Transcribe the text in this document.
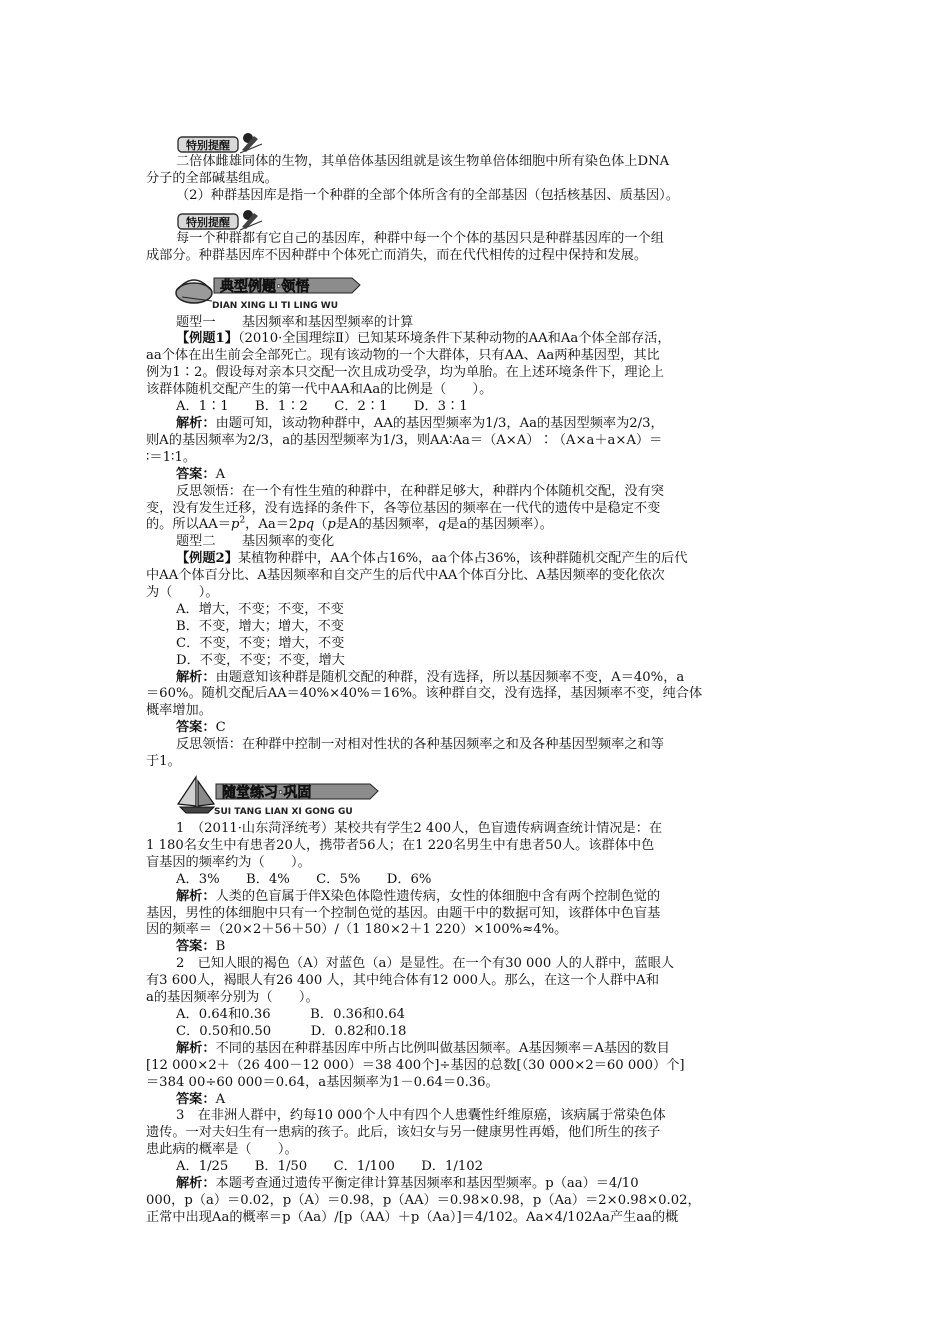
特别提醒

二倍体雌雄同体的生物，其单倍体基因组就是该生物单倍体细胞中所有染色体上DNA

分子的全部碱基组成。

（2）种群基因库是指一个种群的全部个体所含有的全部基因（包括核基因、质基因）。

特别提醒

每一个种群都有它自己的基因库，种群中每一个个体的基因只是种群基因库的一个组

成部分。种群基因库不因种群中个体死亡而消失，而在代代相传的过程中保持和发展。

典型例题·领悟
DIAN XING LI TI LING WU

题型一　　基因频率和基因型频率的计算

【例题1】（2010·全国理综Ⅱ）已知某环境条件下某种动物的AA和Aa个体全部存活，

aa个体在出生前会全部死亡。现有该动物的一个大群体，只有AA、Aa两种基因型，其比

例为1∶2。假设每对亲本只交配一次且成功受孕，均为单胎。在上述环境条件下，理论上

该群体随机交配产生的第一代中AA和Aa的比例是（　　）。

A．1∶1　　B．1∶2　　C．2∶1　　D．3∶1

解析：由题可知，该动物种群中，AA的基因型频率为1/3，Aa的基因型频率为2/3，

则A的基因频率为2/3，a的基因型频率为1/3，则AA∶Aa＝（A×A）∶（A×a＋a×A）＝

∶＝1∶1。

答案：A

反思领悟：在一个有性生殖的种群中，在种群足够大，种群内个体随机交配，没有突

变，没有发生迁移，没有选择的条件下，各等位基因的频率在一代代的遗传中是稳定不变

的。所以$AA=p^2$，Aa＝2pq（p是A的基因频率，q是a的基因频率）。

题型二　　基因频率的变化

【例题2】某植物种群中，AA个体占16%，aa个体占36%，该种群随机交配产生的后代

中AA个体百分比、A基因频率和自交产生的后代中AA个体百分比、A基因频率的变化依次

为（　　）。

A．增大，不变；不变，不变

B．不变，增大；增大，不变

C．不变，不变；增大，不变

D．不变，不变；不变，增大

解析：由题意知该种群是随机交配的种群，没有选择，所以基因频率不变，A＝40%，a

＝60%。随机交配后AA＝40%×40%＝16%。该种群自交，没有选择，基因频率不变，纯合体

概率增加。

答案：C

反思领悟：在种群中控制一对相对性状的各种基因频率之和及各种基因型频率之和等

于1。

随堂练习·巩固
SUI TANG LIAN XI GONG GU

1　（2011·山东菏泽统考）某校共有学生2 400人，色盲遗传病调查统计情况是：在

1 180名女生中有患者20人，携带者56人；在1 220名男生中有患者50人。该群体中色

盲基因的频率约为（　　）。

A．3%　　B．4%　　C．5%　　D．6%

解析：人类的色盲属于伴X染色体隐性遗传病，女性的体细胞中含有两个控制色觉的

基因，男性的体细胞中只有一个控制色觉的基因。由题干中的数据可知，该群体中色盲基

因的频率＝（20×2＋56＋50）/（1 180×2＋1 220）×100%≈4%。

答案：B

2　已知人眼的褐色（A）对蓝色（a）是显性。在一个有30 000 人的人群中，蓝眼人

有3 600人，褐眼人有26 400 人，其中纯合体有12 000人。那么，在这一个人群中A和

a的基因频率分别为（　　）。

A．0.64和0.36　　　B．0.36和0.64

C．0.50和0.50　　　D．0.82和0.18

解析：不同的基因在种群基因库中所占比例叫做基因频率。A基因频率＝A基因的数目

[12 000×2＋（26 400－12 000）＝38 400个]÷基因的总数[（30 000×2＝60 000）个]

＝384 00÷60 000＝0.64，a基因频率为1－0.64＝0.36。

答案：A

3　在非洲人群中，约每10 000个人中有四个人患囊性纤维原癌，该病属于常染色体

遗传。一对夫妇生有一患病的孩子。此后，该妇女与另一健康男性再婚，他们所生的孩子

患此病的概率是（　　）。

A．1/25　　B．1/50　　C．1/100　　D．1/102

解析：本题考查通过遗传平衡定律计算基因频率和基因型频率。p（aa）＝4/10

000，p（a）＝0.02，p（A）＝0.98，p（AA）＝0.98×0.98，p（Aa）＝2×0.98×0.02，

正常中出现Aa的概率＝p（Aa）/[p（AA）＋p（Aa）]＝4/102。Aa×4/102Aa产生aa的概
